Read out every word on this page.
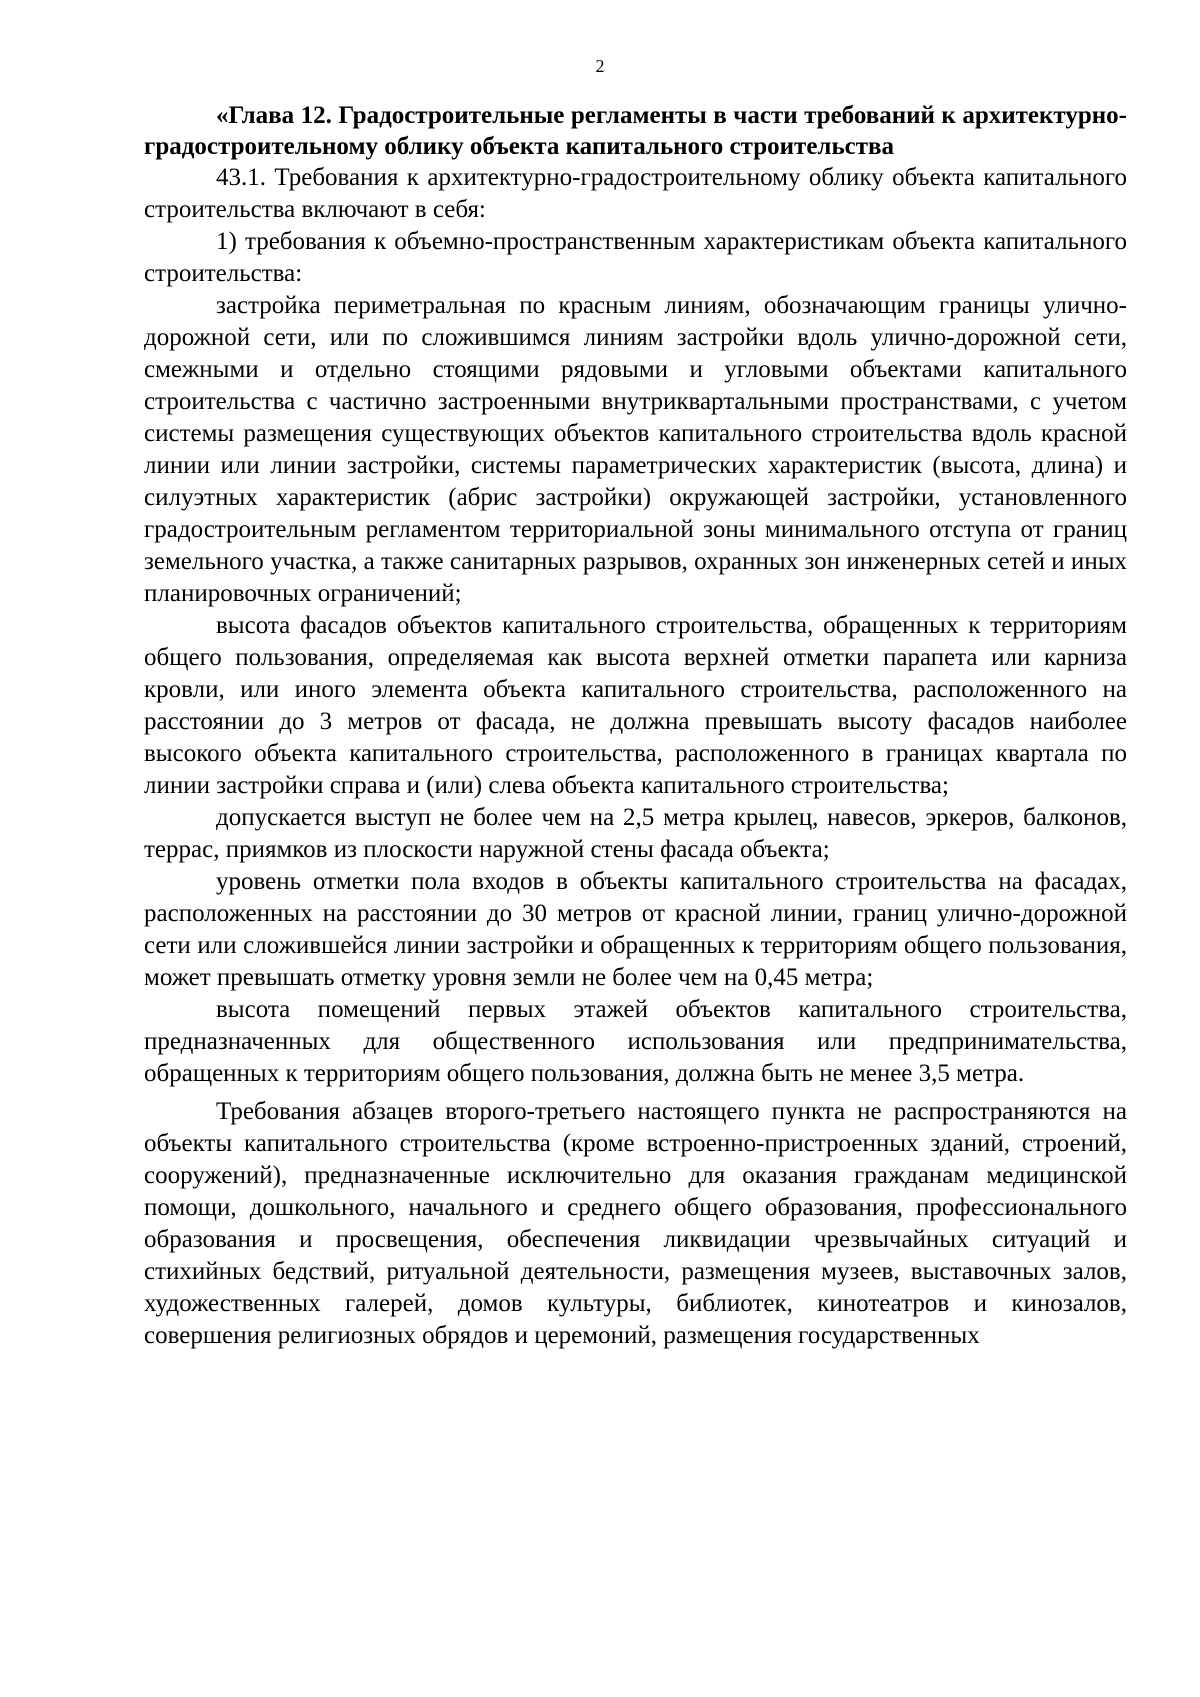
2

«Глава 12. Градостроительные регламенты в части требований к архитектурно-градостроительному облику объекта капитального строительства

43.1. Требования к архитектурно-градостроительному облику объекта капитального строительства включают в себя:

1) требования к объемно-пространственным характеристикам объекта капитального строительства:

застройка периметральная по красным линиям, обозначающим границы улично-дорожной сети, или по сложившимся линиям застройки вдоль улично-дорожной сети, смежными и отдельно стоящими рядовыми и угловыми объектами капитального строительства с частично застроенными внутриквартальными пространствами, с учетом системы размещения существующих объектов капитального строительства вдоль красной линии или линии застройки, системы параметрических характеристик (высота, длина) и силуэтных характеристик (абрис застройки) окружающей застройки, установленного градостроительным регламентом территориальной зоны минимального отступа от границ земельного участка, а также санитарных разрывов, охранных зон инженерных сетей и иных планировочных ограничений;

высота фасадов объектов капитального строительства, обращенных к территориям общего пользования, определяемая как высота верхней отметки парапета или карниза кровли, или иного элемента объекта капитального строительства, расположенного на расстоянии до 3 метров от фасада, не должна превышать высоту фасадов наиболее высокого объекта капитального строительства, расположенного в границах квартала по линии застройки справа и (или) слева объекта капитального строительства;

допускается выступ не более чем на 2,5 метра крылец, навесов, эркеров, балконов, террас, приямков из плоскости наружной стены фасада объекта;

уровень отметки пола входов в объекты капитального строительства на фасадах, расположенных на расстоянии до 30 метров от красной линии, границ улично-дорожной сети или сложившейся линии застройки и обращенных к территориям общего пользования, может превышать отметку уровня земли не более чем на 0,45 метра;

высота помещений первых этажей объектов капитального строительства, предназначенных для общественного использования или предпринимательства, обращенных к территориям общего пользования, должна быть не менее 3,5 метра.

Требования абзацев второго-третьего настоящего пункта не распространяются на объекты капитального строительства (кроме встроенно-пристроенных зданий, строений, сооружений), предназначенные исключительно для оказания гражданам медицинской помощи, дошкольного, начального и среднего общего образования, профессионального образования и просвещения, обеспечения ликвидации чрезвычайных ситуаций и стихийных бедствий, ритуальной деятельности, размещения музеев, выставочных залов, художественных галерей, домов культуры, библиотек, кинотеатров и кинозалов, совершения религиозных обрядов и церемоний, размещения государственных
